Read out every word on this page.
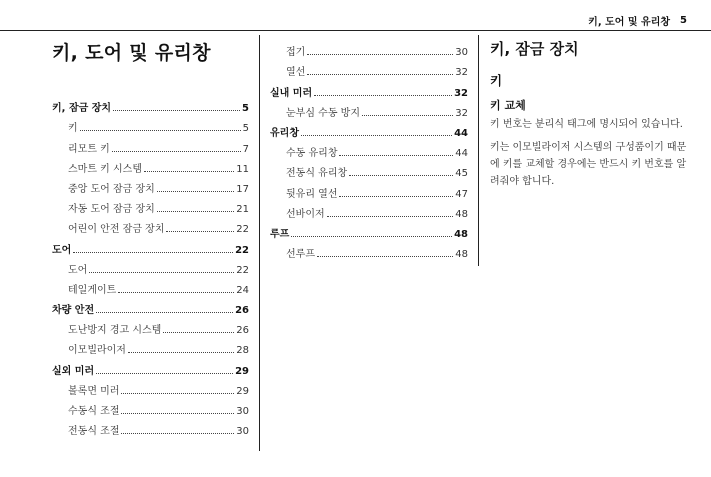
키, 도어 및 유리창 5
키, 도어 및 유리창
키, 잠금 장치	5
키	5
리모트 키	7
스마트 키 시스템	11
중앙 도어 잠금 장치	17
자동 도어 잠금 장치	21
어린이 안전 잠금 장치	22
도어	22
도어	22
테일게이트	24
차량 안전	26
도난방지 경고 시스템	26
이모빌라이저	28
실외 미러	29
볼록면 미러	29
수동식 조절	30
전동식 조절	30
접기	30
열선	32
실내 미러	32
눈부심 수동 방지	32
유리창	44
수동 유리창	44
전동식 유리창	45
뒷유리 열선	47
선바이저	48
루프	48
선루프	48
키, 잠금 장치
키
키 교체

키 번호는 분리식 태그에 명시되어 있습니다.

키는 이모빌라이저 시스템의 구성품이기 때문에 키를 교체할 경우에는 반드시 키 번호를 알려줘야 합니다.
